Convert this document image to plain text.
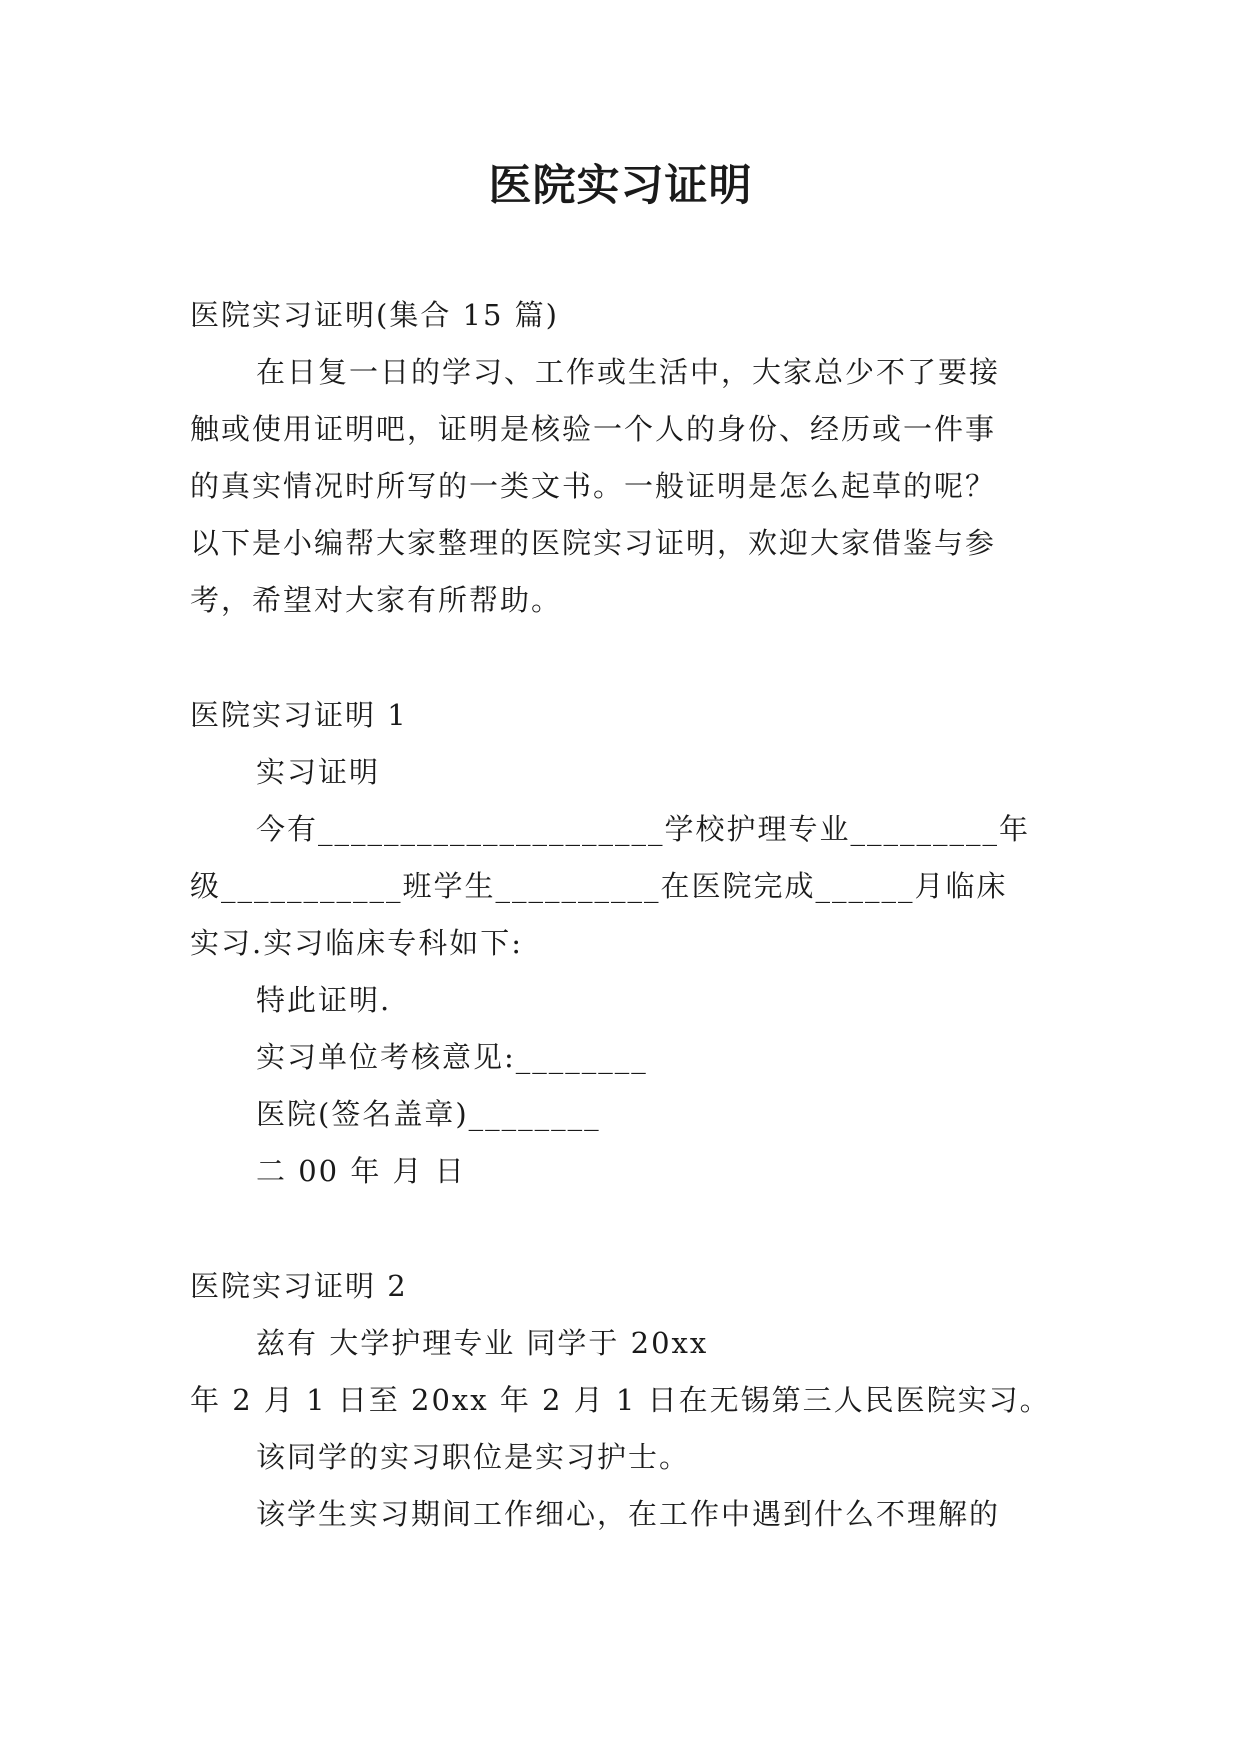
医院实习证明
医院实习证明(集合 15 篇)
在日复一日的学习、工作或生活中，大家总少不了要接
触或使用证明吧，证明是核验一个人的身份、经历或一件事
的真实情况时所写的一类文书。一般证明是怎么起草的呢？
以下是小编帮大家整理的医院实习证明，欢迎大家借鉴与参
考，希望对大家有所帮助。
医院实习证明 1
实习证明
今有_____________________学校护理专业_________年
级___________班学生__________在医院完成______月临床
实习.实习临床专科如下:
特此证明.
实习单位考核意见:________
医院(签名盖章)________
二 00 年 月 日
医院实习证明 2
兹有 大学护理专业 同学于 20xx
年 2 月 1 日至 20xx 年 2 月 1 日在无锡第三人民医院实习。
该同学的实习职位是实习护士。
该学生实习期间工作细心，在工作中遇到什么不理解的
